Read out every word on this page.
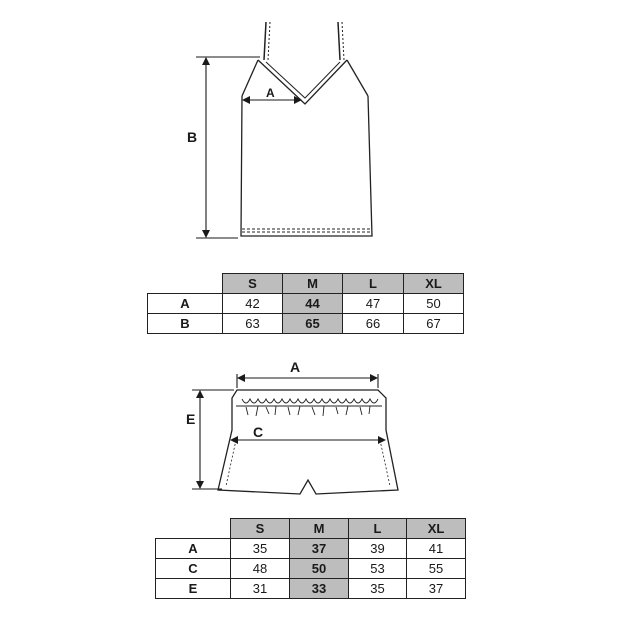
A
B
A
C
E
	S	M	L	XL
A	42	44	47	50
B	63	65	66	67
	S	M	L	XL
A	35	37	39	41
C	48	50	53	55
E	31	33	35	37
